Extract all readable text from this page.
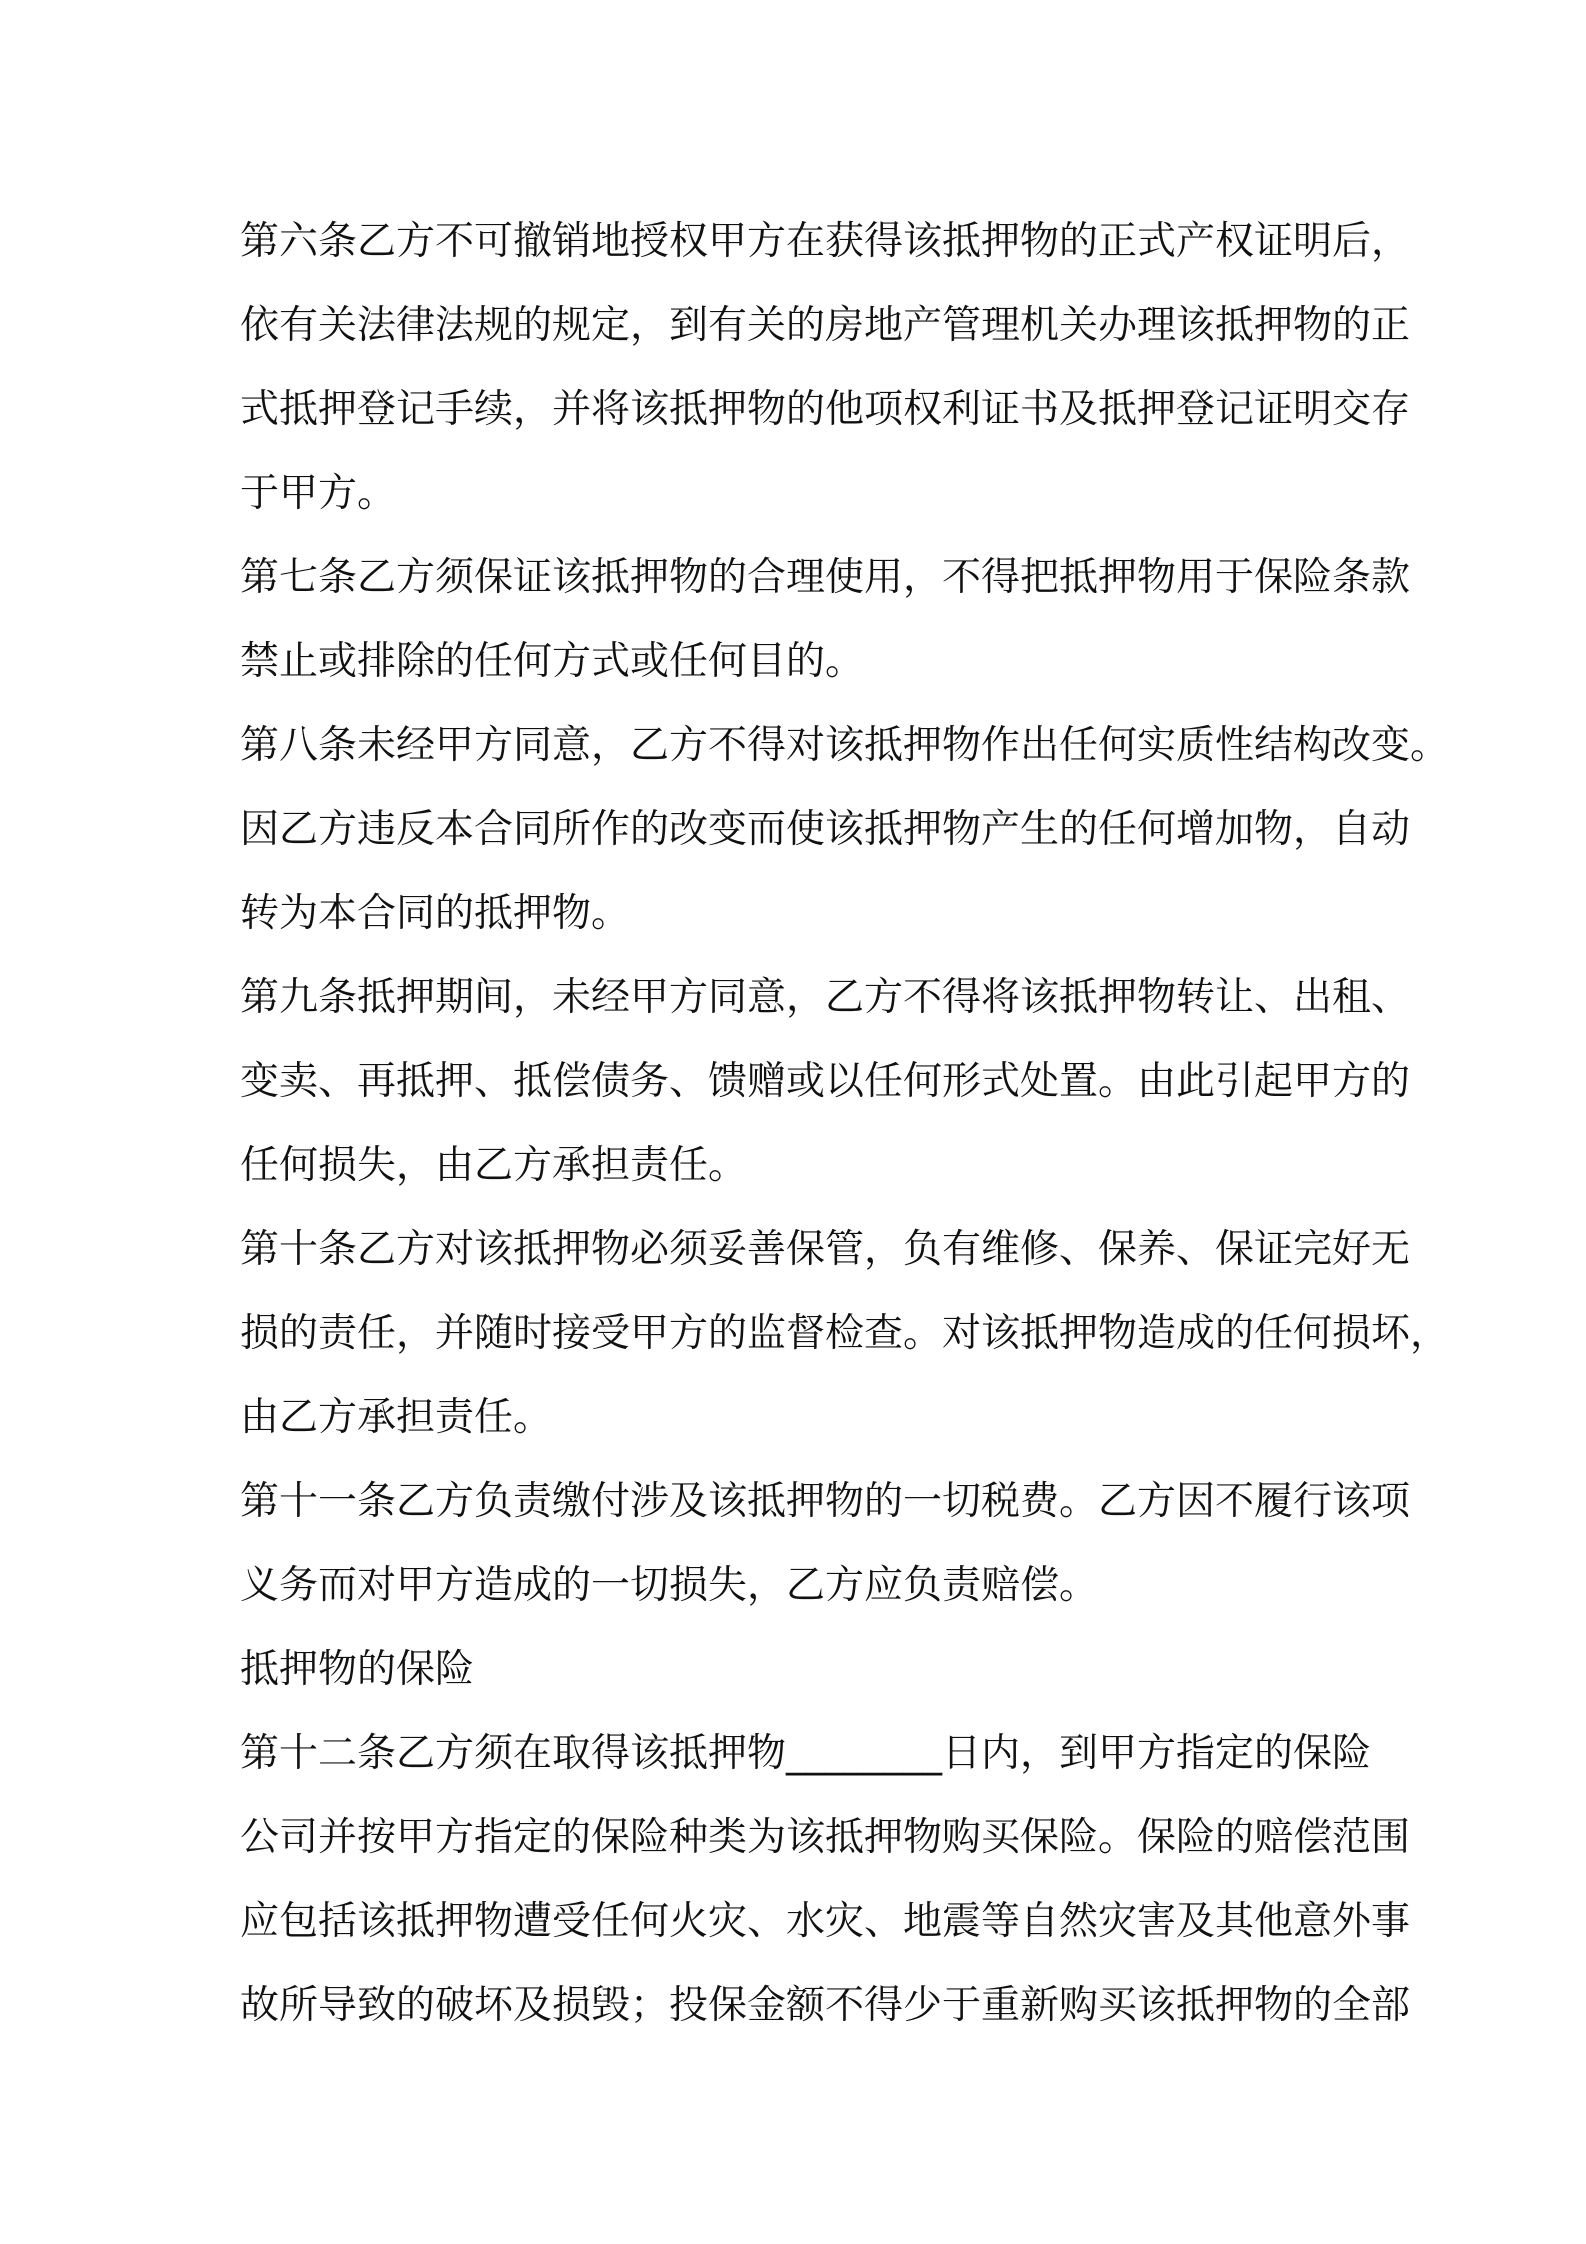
第六条乙方不可撤销地授权甲方在获得该抵押物的正式产权证明后，

依有关法律法规的规定，到有关的房地产管理机关办理该抵押物的正

式抵押登记手续，并将该抵押物的他项权利证书及抵押登记证明交存

于甲方。

第七条乙方须保证该抵押物的合理使用，不得把抵押物用于保险条款

禁止或排除的任何方式或任何目的。

第八条未经甲方同意，乙方不得对该抵押物作出任何实质性结构改变。

因乙方违反本合同所作的改变而使该抵押物产生的任何增加物，自动

转为本合同的抵押物。

第九条抵押期间，未经甲方同意，乙方不得将该抵押物转让、出租、

变卖、再抵押、抵偿债务、馈赠或以任何形式处置。由此引起甲方的

任何损失，由乙方承担责任。

第十条乙方对该抵押物必须妥善保管，负有维修、保养、保证完好无

损的责任，并随时接受甲方的监督检查。对该抵押物造成的任何损坏，

由乙方承担责任。

第十一条乙方负责缴付涉及该抵押物的一切税费。乙方因不履行该项

义务而对甲方造成的一切损失，乙方应负责赔偿。

抵押物的保险

第十二条乙方须在取得该抵押物________日内，到甲方指定的保险

公司并按甲方指定的保险种类为该抵押物购买保险。保险的赔偿范围

应包括该抵押物遭受任何火灾、水灾、地震等自然灾害及其他意外事

故所导致的破坏及损毁；投保金额不得少于重新购买该抵押物的全部
